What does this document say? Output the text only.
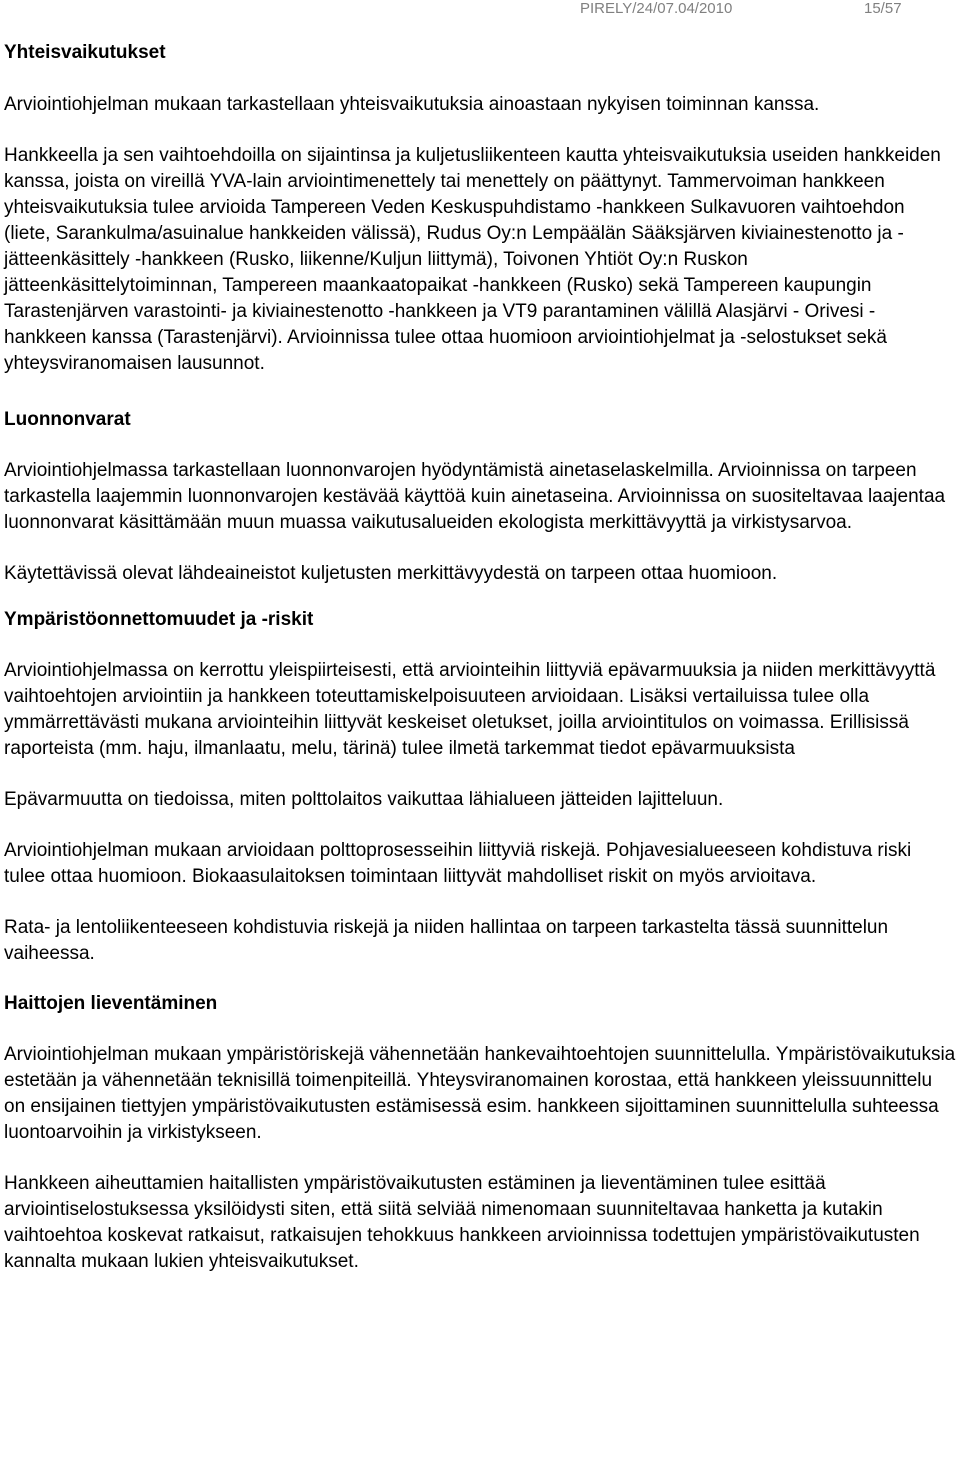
PIRELY/24/07.04/2010	15/57

Yhteisvaikutukset

Arviointiohjelman mukaan tarkastellaan yhteisvaikutuksia ainoastaan nykyisen toiminnan kanssa.

Hankkeella ja sen vaihtoehdoilla on sijaintinsa ja kuljetusliikenteen kautta yhteisvaikutuksia useiden hankkeiden kanssa, joista on vireillä YVA-lain arviointimenettely tai menettely on päättynyt. Tammervoiman hankkeen yhteisvaikutuksia tulee arvioida Tampereen Veden Keskuspuhdistamo -hankkeen Sulkavuoren vaihtoehdon (liete, Sarankulma/asuinalue hankkeiden välissä), Rudus Oy:n Lempäälän Sääksjärven kiviainestenotto ja -jätteenkäsittely -hankkeen (Rusko, liikenne/Kuljun liittymä), Toivonen Yhtiöt Oy:n Ruskon jätteenkäsittelytoiminnan, Tampereen maankaatopaikat -hankkeen (Rusko) sekä Tampereen kaupungin Tarastenjärven varastointi- ja kiviainestenotto -hankkeen ja VT9 parantaminen välillä Alasjärvi - Orivesi -hankkeen kanssa (Tarastenjärvi). Arvioinnissa tulee ottaa huomioon arviointiohjelmat ja -selostukset sekä yhteysviranomaisen lausunnot.

Luonnonvarat

Arviointiohjelmassa tarkastellaan luonnonvarojen hyödyntämistä ainetaselaskelmilla. Arvioinnissa on tarpeen tarkastella laajemmin luonnonvarojen kestävää käyttöä kuin ainetaseina. Arvioinnissa on suositeltavaa laajentaa luonnonvarat käsittämään muun muassa vaikutusalueiden ekologista merkittävyyttä ja virkistysarvoa.

Käytettävissä olevat lähdeaineistot kuljetusten merkittävyydestä on tarpeen ottaa huomioon.

Ympäristöonnettomuudet ja -riskit

Arviointiohjelmassa on kerrottu yleispiirteisesti, että arviointeihin liittyviä epävarmuuksia ja niiden merkittävyyttä vaihtoehtojen arviointiin ja hankkeen toteuttamiskelpoisuuteen arvioidaan. Lisäksi vertailuissa tulee olla ymmärrettävästi mukana arviointeihin liittyvät keskeiset oletukset, joilla arviointitulos on voimassa. Erillisissä raporteista (mm. haju, ilmanlaatu, melu, tärinä) tulee ilmetä tarkemmat tiedot epävarmuuksista

Epävarmuutta on tiedoissa, miten polttolaitos vaikuttaa lähialueen jätteiden lajitteluun.

Arviointiohjelman mukaan arvioidaan polttoprosesseihin liittyviä riskejä. Pohjavesialueeseen kohdistuva riski tulee ottaa huomioon. Biokaasulaitoksen toimintaan liittyvät mahdolliset riskit on myös arvioitava.

Rata- ja lentoliikenteeseen kohdistuvia riskejä ja niiden hallintaa on tarpeen tarkastelta tässä suunnittelun vaiheessa.

Haittojen lieventäminen

Arviointiohjelman mukaan ympäristöriskejä vähennetään hankevaihtoehtojen suunnittelulla. Ympäristövaikutuksia estetään ja vähennetään teknisillä toimenpiteillä. Yhteysviranomainen korostaa, että hankkeen yleissuunnittelu on ensijainen tiettyjen ympäristövaikutusten estämisessä esim. hankkeen sijoittaminen suunnittelulla suhteessa luontoarvoihin ja virkistykseen.

Hankkeen aiheuttamien haitallisten ympäristövaikutusten estäminen ja lieventäminen tulee esittää arviointiselostuksessa yksilöidysti siten, että siitä selviää nimenomaan suunniteltavaa hanketta ja kutakin vaihtoehtoa koskevat ratkaisut, ratkaisujen tehokkuus hankkeen arvioinnissa todettujen ympäristövaikutusten kannalta mukaan lukien yhteisvaikutukset.
